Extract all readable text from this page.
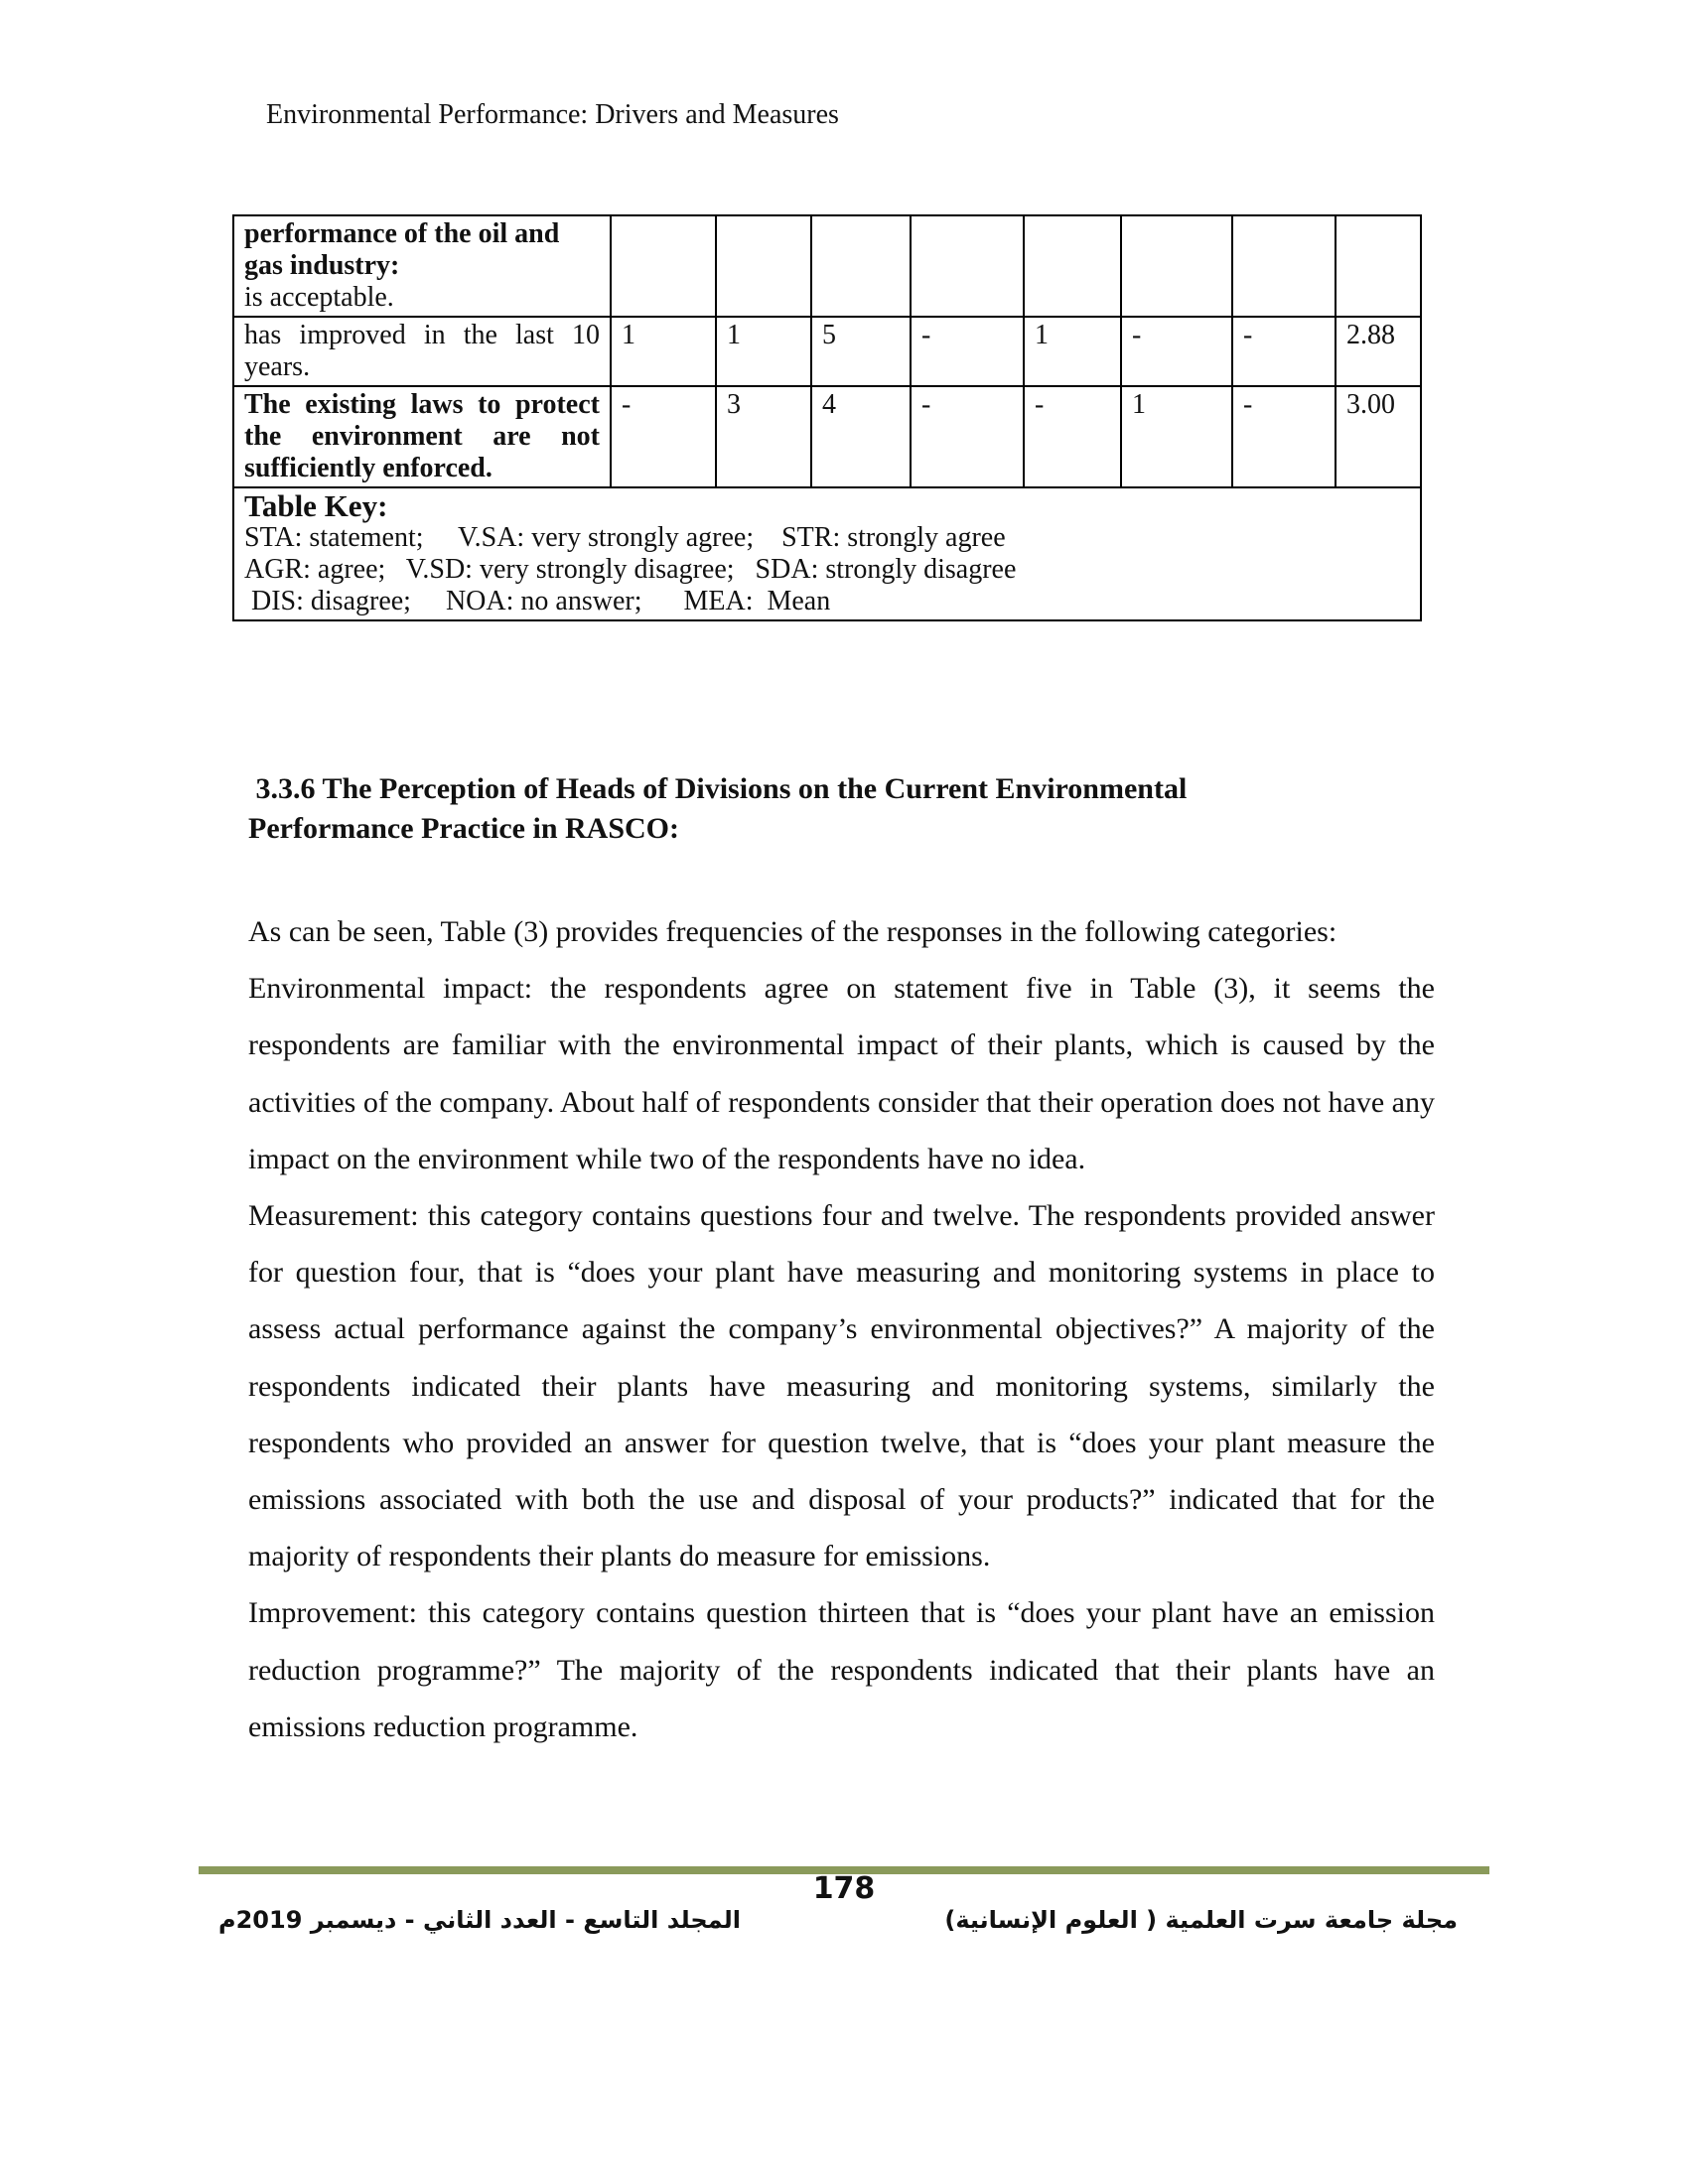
Environmental Performance: Drivers and Measures
performance of the oil and gas industry:
is acceptable.								

has improved in the last 10
years.	1	1	5	-	1	-	-	2.88
The existing laws to protect the environment are not sufficiently enforced.	-	3	4	-	-	1	-	3.00

Table Key:
STA: statement;     V.SA: very strongly agree;    STR: strongly agree
AGR: agree;   V.SD: very strongly disagree;   SDA: strongly disagree
DIS: disagree;     NOA: no answer;      MEA:  Mean								
3.3.6 The Perception of Heads of Divisions on the Current Environmental
Performance Practice in RASCO:

As can be seen, Table (3) provides frequencies of the responses in the following categories:

Environmental impact: the respondents agree on statement five in Table (3), it seems the respondents are familiar with the environmental impact of their plants, which is caused by the activities of the company. About half of respondents consider that their operation does not have any impact on the environment while two of the respondents have no idea.

Measurement: this category contains questions four and twelve. The respondents provided answer for question four, that is “does your plant have measuring and monitoring systems in place to assess actual performance against the company’s environmental objectives?” A majority of the respondents indicated their plants have measuring and monitoring systems, similarly the respondents who provided an answer for question twelve, that is “does your plant measure the emissions associated with both the use and disposal of your products?” indicated that for the majority of respondents their plants do measure for emissions.

Improvement: this category contains question thirteen that is “does your plant have an emission reduction programme?” The majority of the respondents indicated that their plants have an emissions reduction programme.

178
المجلد التاسع - العدد الثاني - ديسمبر 2019م	مجلة جامعة سرت العلمية ( العلوم الإنسانية)
